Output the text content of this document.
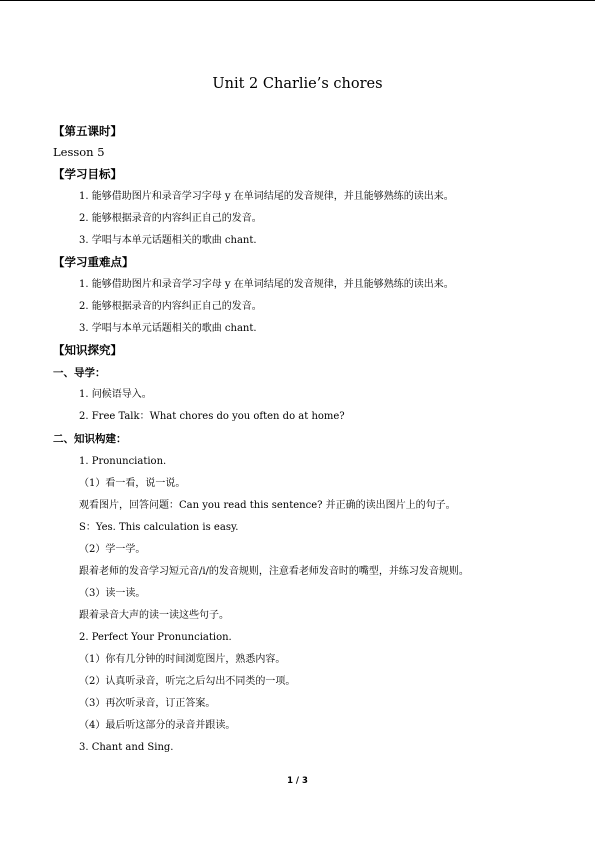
Unit 2 Charlie’s chores
【第五课时】
Lesson 5
【学习目标】
1. 能够借助图片和录音学习字母 y 在单词结尾的发音规律，并且能够熟练的读出来。
2. 能够根据录音的内容纠正自己的发音。
3. 学唱与本单元话题相关的歌曲 chant.
【学习重难点】
1. 能够借助图片和录音学习字母 y 在单词结尾的发音规律，并且能够熟练的读出来。
2. 能够根据录音的内容纠正自己的发音。
3. 学唱与本单元话题相关的歌曲 chant.
【知识探究】
一、导学：
1. 问候语导入。
2. Free Talk：What chores do you often do at home?
二、知识构建：
1. Pronunciation.
（1）看一看，说一说。
观看图片，回答问题：Can you read this sentence? 并正确的读出图片上的句子。
S：Yes. This calculation is easy.
（2）学一学。
跟着老师的发音学习短元音/i/的发音规则，注意看老师发音时的嘴型，并练习发音规则。
（3）读一读。
跟着录音大声的读一读这些句子。
2. Perfect Your Pronunciation.
（1）你有几分钟的时间浏览图片，熟悉内容。
（2）认真听录音，听完之后勾出不同类的一项。
（3）再次听录音，订正答案。
（4）最后听这部分的录音并跟读。
3. Chant and Sing.
1 / 3
